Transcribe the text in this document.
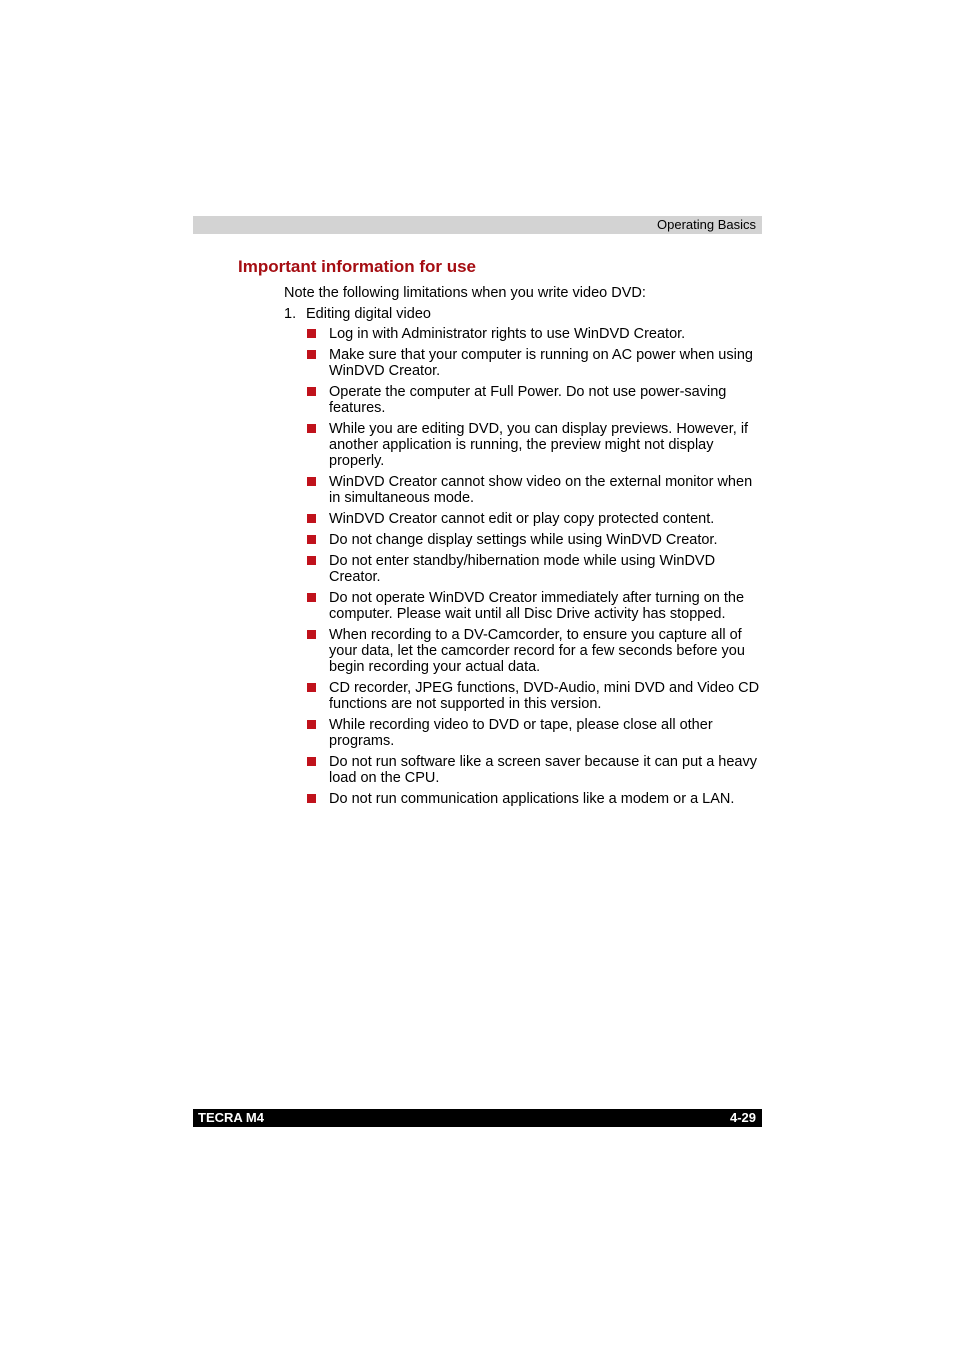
Operating Basics
Important information for use
Note the following limitations when you write video DVD:
1. Editing digital video
Log in with Administrator rights to use WinDVD Creator.
Make sure that your computer is running on AC power when using WinDVD Creator.
Operate the computer at Full Power. Do not use power-saving features.
While you are editing DVD, you can display previews. However, if another application is running, the preview might not display properly.
WinDVD Creator cannot show video on the external monitor when in simultaneous mode.
WinDVD Creator cannot edit or play copy protected content.
Do not change display settings while using WinDVD Creator.
Do not enter standby/hibernation mode while using WinDVD Creator.
Do not operate WinDVD Creator immediately after turning on the computer. Please wait until all Disc Drive activity has stopped.
When recording to a DV-Camcorder, to ensure you capture all of your data, let the camcorder record for a few seconds before you begin recording your actual data.
CD recorder, JPEG functions, DVD-Audio, mini DVD and Video CD functions are not supported in this version.
While recording video to DVD or tape, please close all other programs.
Do not run software like a screen saver because it can put a heavy load on the CPU.
Do not run communication applications like a modem or a LAN.
TECRA M4	4-29
